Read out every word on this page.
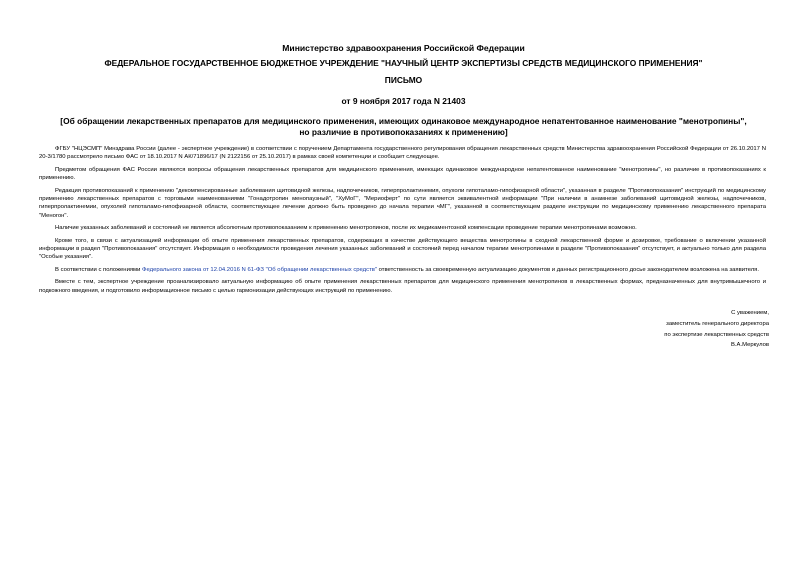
Министерство здравоохранения Российской Федерации
ФЕДЕРАЛЬНОЕ ГОСУДАРСТВЕННОЕ БЮДЖЕТНОЕ УЧРЕЖДЕНИЕ "НАУЧНЫЙ ЦЕНТР ЭКСПЕРТИЗЫ СРЕДСТВ МЕДИЦИНСКОГО ПРИМЕНЕНИЯ"
ПИСЬМО
от 9 ноября 2017 года N 21403
[Об обращении лекарственных препаратов для медицинского применения, имеющих одинаковое международное непатентованное наименование "менотропины",
но различие в противопоказаниях к применению]

ФГБУ "НЦЭСМП" Минздрава России (далее - экспертное учреждение) в соответствии с поручением Департамента государственного регулирования обращения лекарственных средств Министерства здравоохранения Российской Федерации от 26.10.2017 N 20-3/1780 рассмотрело письмо ФАС от 18.10.2017 N АК/71896/17 (N 2122156 от 25.10.2017) в рамках своей компетенции и сообщает следующее.

Предметом обращения ФАС России являются вопросы обращения лекарственных препаратов для медицинского применения, имеющих одинаковое международное непатентованное наименование "менотропины", но различие в противопоказаниях к применению.

Редакция противопоказаний к применению "декомпенсированные заболевания щитовидной железы, надпочечников, гиперпролактинемия, опухоли гипоталамо-гипофизарной области", указанная в разделе "Противопоказания" инструкций по медицинскому применению лекарственных препаратов с торговыми наименованиями "Гонадотропин менопаузный", "ХуМоГ", "Мериоферт" по сути является эквивалентной информации "При наличии в анамнезе заболеваний щитовидной железы, надпочечников, гиперпролактинемии, опухолей гипоталамо-гипофизарной области, соответствующее лечение должно быть проведено до начала терапии чМГ", указанной в соответствующем разделе инструкции по медицинскому применению лекарственного препарата "Меногон".

Наличие указанных заболеваний и состояний не является абсолютным противопоказанием к применению менотропинов, после их медикаментозной компенсации проведение терапии менотропинами возможно.

Кроме того, в связи с актуализацией информации об опыте применения лекарственных препаратов, содержащих в качестве действующего вещества менотропины в сходной лекарственной форме и дозировке, требование о включении указанной информации в раздел "Противопоказания" отсутствует. Информация о необходимости проведения лечения указанных заболеваний и состояний перед началом терапии менотропинами в разделе "Противопоказания" отсутствует, и актуально только для раздела "Особые указания".

В соответствии с положениями Федерального закона от 12.04.2016 N 61-ФЗ "Об обращении лекарственных средств" ответственность за своевременную актуализацию документов и данных регистрационного досье законодателем возложена на заявителя.

Вместе с тем, экспертное учреждение проанализировало актуальную информацию об опыте применения лекарственных препаратов для медицинского применения менотропинов в лекарственных формах, предназначенных для внутримышечного и подкожного введения, и подготовило информационное письмо с целью гармонизации действующих инструкций по применению.

С уважением,
заместитель генерального директора
по экспертизе лекарственных средств
В.А.Меркулов
